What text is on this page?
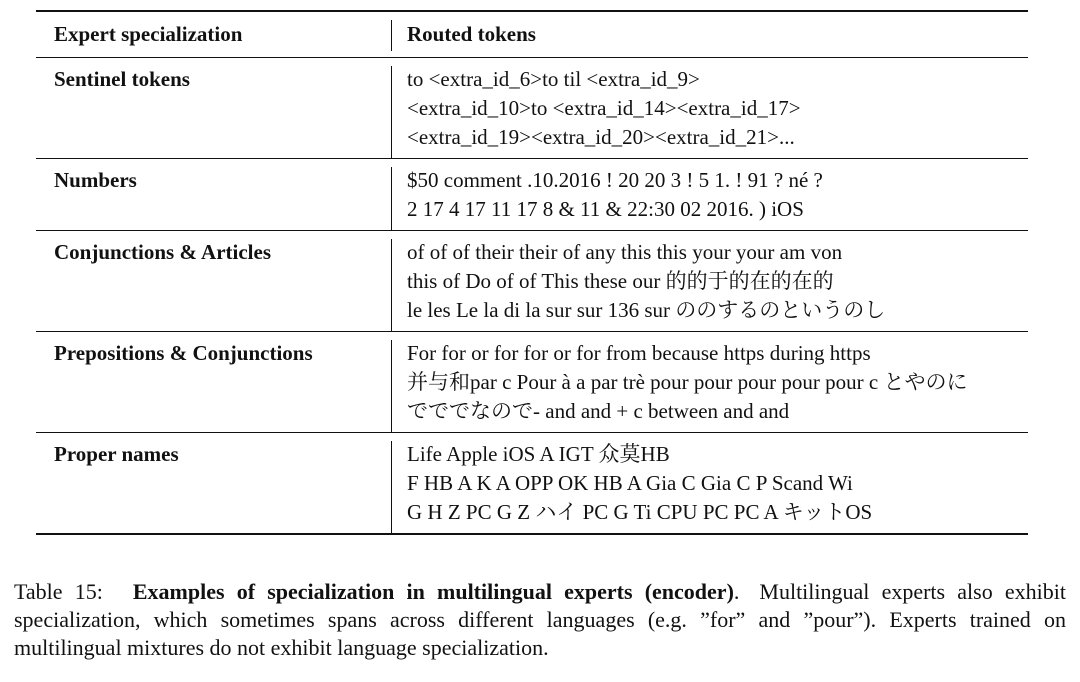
Expert specialization	Routed tokens
Sentinel tokens	to <extra_id_6>to til <extra_id_9>
<extra_id_10>to <extra_id_14><extra_id_17>
<extra_id_19><extra_id_20><extra_id_21>...

Numbers	$50 comment .10.2016 ! 20 20 3 ! 5 1. ! 91 ? né ?
2 17 4 17 11 17 8 & 11 & 22:30 02 2016. ) iOS

Conjunctions & Articles	of of of their their of any this this your your am von
this of Do of of This these our 的的于的在的在的
le les Le la di la sur sur 136 sur ののするのというのし

Prepositions & Conjunctions	For for or for for or for from because https during https
并与和par c Pour à a par trè pour pour pour pour pour c とやのに
でででなので- and and + c between and and

Proper names	Life Apple iOS A IGT 众莫HB
F HB A K A OPP OK HB A Gia C Gia C P Scand Wi
G H Z PC G Z ハイ PC G Ti CPU PC PC A キットOS
Table 15: Examples of specialization in multilingual experts (encoder). Multilingual experts also exhibit specialization, which sometimes spans across different languages (e.g. ”for” and ”pour”). Experts trained on multilingual mixtures do not exhibit language specialization.
